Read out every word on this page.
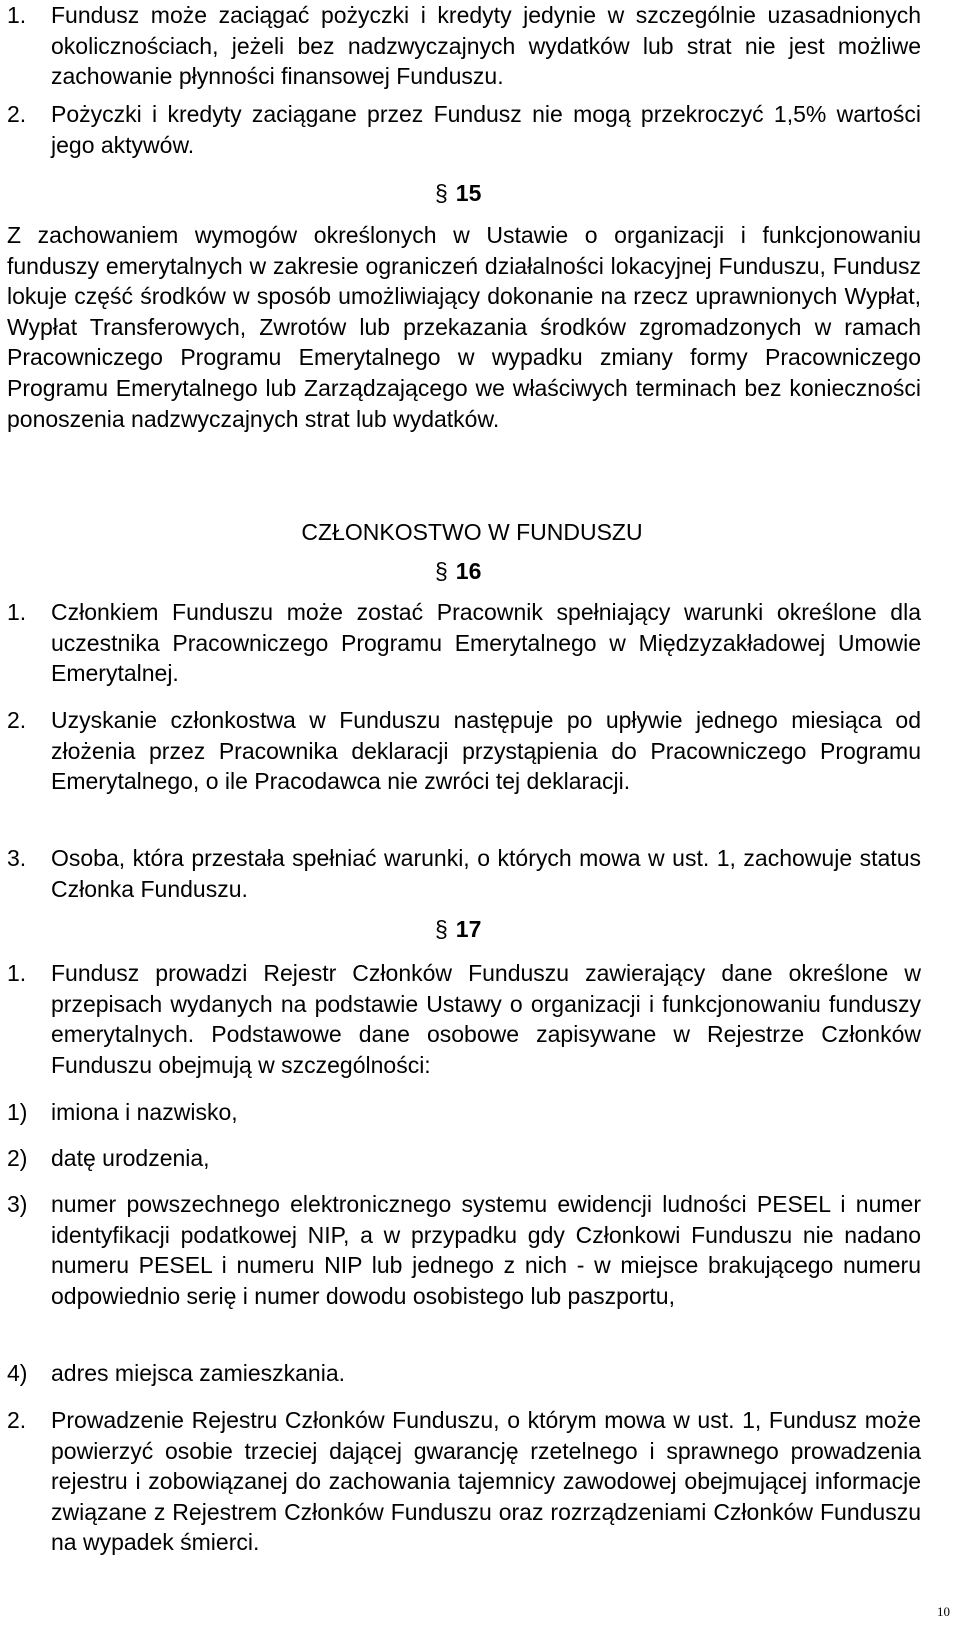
1.	Fundusz może zaciągać pożyczki i kredyty jedynie w szczególnie uzasadnionych okolicznościach, jeżeli bez nadzwyczajnych wydatków lub strat nie jest możliwe zachowanie płynności finansowej Funduszu.
2.	Pożyczki i kredyty zaciągane przez Fundusz nie mogą przekroczyć 1,5% wartości jego aktywów.
§ 15

Z zachowaniem wymogów określonych w Ustawie o organizacji i funkcjonowaniu funduszy emerytalnych w zakresie ograniczeń działalności lokacyjnej Funduszu, Fundusz lokuje część środków w sposób umożliwiający dokonanie na rzecz uprawnionych Wypłat, Wypłat Transferowych, Zwrotów lub przekazania środków zgromadzonych w ramach Pracowniczego Programu Emerytalnego w wypadku zmiany formy Pracowniczego Programu Emerytalnego lub Zarządzającego we właściwych terminach bez konieczności ponoszenia nadzwyczajnych strat lub wydatków.

CZŁONKOSTWO W FUNDUSZU
§ 16
1.	Członkiem Funduszu może zostać Pracownik spełniający warunki określone dla uczestnika Pracowniczego Programu Emerytalnego w Międzyzakładowej Umowie Emerytalnej.
2.	Uzyskanie członkostwa w Funduszu następuje po upływie jednego miesiąca od złożenia przez Pracownika deklaracji przystąpienia do Pracowniczego Programu Emerytalnego, o ile Pracodawca nie zwróci tej deklaracji.
3.	Osoba, która przestała spełniać warunki, o których mowa w ust. 1, zachowuje status Członka Funduszu.
§ 17
1.	Fundusz prowadzi Rejestr Członków Funduszu zawierający dane określone w przepisach wydanych na podstawie Ustawy o organizacji i funkcjonowaniu funduszy emerytalnych. Podstawowe dane osobowe zapisywane w Rejestrze Członków Funduszu obejmują w szczególności:
1)	imiona i nazwisko,
2)	datę urodzenia,
3)	numer powszechnego elektronicznego systemu ewidencji ludności PESEL i numer identyfikacji podatkowej NIP, a w przypadku gdy Członkowi Funduszu nie nadano numeru PESEL i numeru NIP lub jednego z nich - w miejsce brakującego numeru odpowiednio serię i numer dowodu osobistego lub paszportu,
4)	adres miejsca zamieszkania.
2.	Prowadzenie Rejestru Członków Funduszu, o którym mowa w ust. 1, Fundusz może powierzyć osobie trzeciej dającej gwarancję rzetelnego i sprawnego prowadzenia rejestru i zobowiązanej do zachowania tajemnicy zawodowej obejmującej informacje związane z Rejestrem Członków Funduszu oraz rozrządzeniami Członków Funduszu na wypadek śmierci.
10
